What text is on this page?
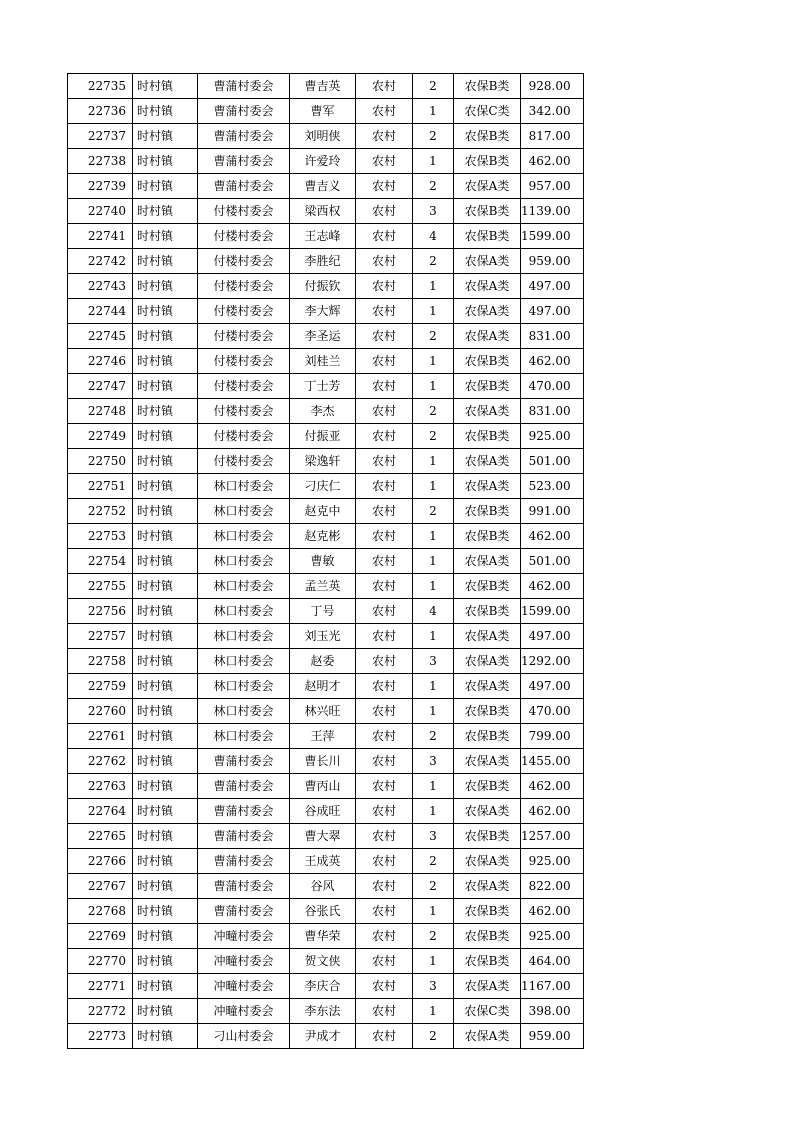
22735	时村镇	曹蒲村委会	曹吉英	农村	2	农保B类	928.00
22736	时村镇	曹蒲村委会	曹军	农村	1	农保C类	342.00
22737	时村镇	曹蒲村委会	刘明侠	农村	2	农保B类	817.00
22738	时村镇	曹蒲村委会	许爱玲	农村	1	农保B类	462.00
22739	时村镇	曹蒲村委会	曹吉义	农村	2	农保A类	957.00
22740	时村镇	付楼村委会	梁西权	农村	3	农保B类	1139.00
22741	时村镇	付楼村委会	王志峰	农村	4	农保B类	1599.00
22742	时村镇	付楼村委会	李胜纪	农村	2	农保A类	959.00
22743	时村镇	付楼村委会	付振钦	农村	1	农保A类	497.00
22744	时村镇	付楼村委会	李大辉	农村	1	农保A类	497.00
22745	时村镇	付楼村委会	李圣运	农村	2	农保A类	831.00
22746	时村镇	付楼村委会	刘桂兰	农村	1	农保B类	462.00
22747	时村镇	付楼村委会	丁士芳	农村	1	农保B类	470.00
22748	时村镇	付楼村委会	李杰	农村	2	农保A类	831.00
22749	时村镇	付楼村委会	付振亚	农村	2	农保B类	925.00
22750	时村镇	付楼村委会	梁逸轩	农村	1	农保A类	501.00
22751	时村镇	林口村委会	刁庆仁	农村	1	农保A类	523.00
22752	时村镇	林口村委会	赵克中	农村	2	农保B类	991.00
22753	时村镇	林口村委会	赵克彬	农村	1	农保B类	462.00
22754	时村镇	林口村委会	曹敏	农村	1	农保A类	501.00
22755	时村镇	林口村委会	孟兰英	农村	1	农保B类	462.00
22756	时村镇	林口村委会	丁号	农村	4	农保B类	1599.00
22757	时村镇	林口村委会	刘玉光	农村	1	农保A类	497.00
22758	时村镇	林口村委会	赵委	农村	3	农保A类	1292.00
22759	时村镇	林口村委会	赵明才	农村	1	农保A类	497.00
22760	时村镇	林口村委会	林兴旺	农村	1	农保B类	470.00
22761	时村镇	林口村委会	王萍	农村	2	农保B类	799.00
22762	时村镇	曹蒲村委会	曹长川	农村	3	农保A类	1455.00
22763	时村镇	曹蒲村委会	曹丙山	农村	1	农保B类	462.00
22764	时村镇	曹蒲村委会	谷成旺	农村	1	农保A类	462.00
22765	时村镇	曹蒲村委会	曹大翠	农村	3	农保B类	1257.00
22766	时村镇	曹蒲村委会	王成英	农村	2	农保A类	925.00
22767	时村镇	曹蒲村委会	谷风	农村	2	农保A类	822.00
22768	时村镇	曹蒲村委会	谷张氏	农村	1	农保B类	462.00
22769	时村镇	冲疃村委会	曹华荣	农村	2	农保B类	925.00
22770	时村镇	冲疃村委会	贺文侠	农村	1	农保B类	464.00
22771	时村镇	冲疃村委会	李庆合	农村	3	农保A类	1167.00
22772	时村镇	冲疃村委会	李东法	农村	1	农保C类	398.00
22773	时村镇	刁山村委会	尹成才	农村	2	农保A类	959.00
